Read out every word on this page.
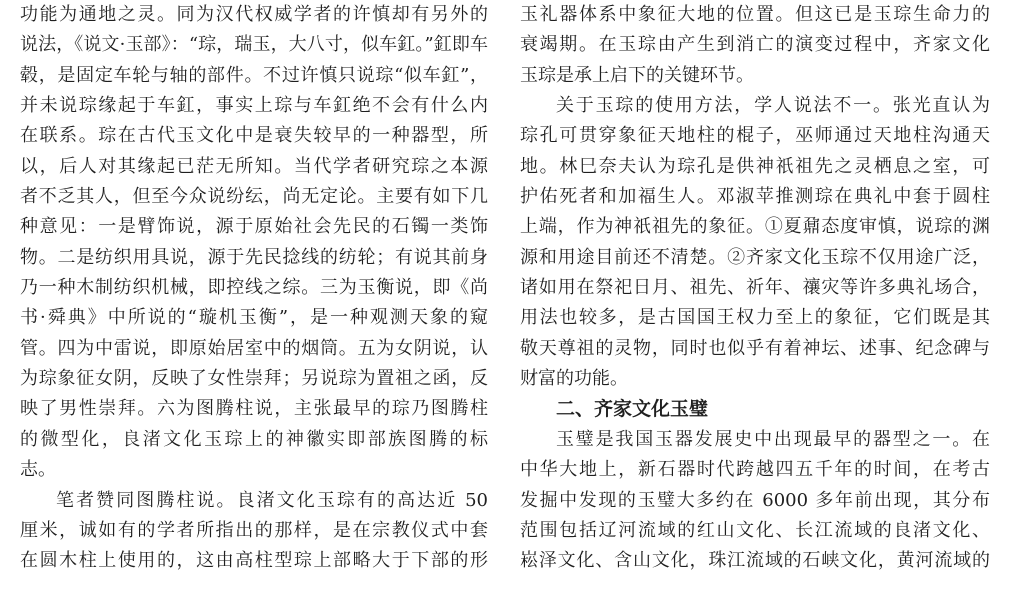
功能为通地之灵。同为汉代权威学者的许慎却有另外的
说法，《说文·玉部》：“琮，瑞玉，大八寸，似车釭。”釭即车
毂，是固定车轮与轴的部件。不过许慎只说琮“似车釭”，
并未说琮缘起于车釭，事实上琮与车釭绝不会有什么内
在联系。琮在古代玉文化中是衰失较早的一种器型，所
以，后人对其缘起已茫无所知。当代学者研究琮之本源
者不乏其人，但至今众说纷纭，尚无定论。主要有如下几
种意见：一是臂饰说，源于原始社会先民的石镯一类饰
物。二是纺织用具说，源于先民捻线的纺轮；有说其前身
乃一种木制纺织机械，即控线之综。三为玉衡说，即《尚
书·舜典》中所说的“璇机玉衡”，是一种观测天象的窥
管。四为中雷说，即原始居室中的烟筒。五为女阴说，认
为琮象征女阴，反映了女性崇拜；另说琮为置祖之函，反
映了男性崇拜。六为图腾柱说，主张最早的琮乃图腾柱
的微型化，良渚文化玉琮上的神徽实即部族图腾的标
志。
笔者赞同图腾柱说。良渚文化玉琮有的高达近 50
厘米，诚如有的学者所指出的那样，是在宗教仪式中套
在圆木柱上使用的，这由高柱型琮上部略大于下部的形
玉礼器体系中象征大地的位置。但这已是玉琮生命力的
衰竭期。在玉琮由产生到消亡的演变过程中，齐家文化
玉琮是承上启下的关键环节。
关于玉琮的使用方法，学人说法不一。张光直认为
琮孔可贯穿象征天地柱的棍子，巫师通过天地柱沟通天
地。林巳奈夫认为琮孔是供神祇祖先之灵栖息之室，可
护佑死者和加福生人。邓淑苹推测琮在典礼中套于圆柱
上端，作为神祇祖先的象征。①夏鼐态度审慎，说琮的渊
源和用途目前还不清楚。②齐家文化玉琮不仅用途广泛，
诸如用在祭祀日月、祖先、祈年、禳灾等许多典礼场合，
用法也较多，是古国国王权力至上的象征，它们既是其
敬天尊祖的灵物，同时也似乎有着神坛、述事、纪念碑与
财富的功能。
二、齐家文化玉璧
玉璧是我国玉器发展史中出现最早的器型之一。在
中华大地上，新石器时代跨越四五千年的时间，在考古
发掘中发现的玉璧大多约在 6000 多年前出现，其分布
范围包括辽河流域的红山文化、长江流域的良渚文化、
崧泽文化、含山文化，珠江流域的石峡文化，黄河流域的
